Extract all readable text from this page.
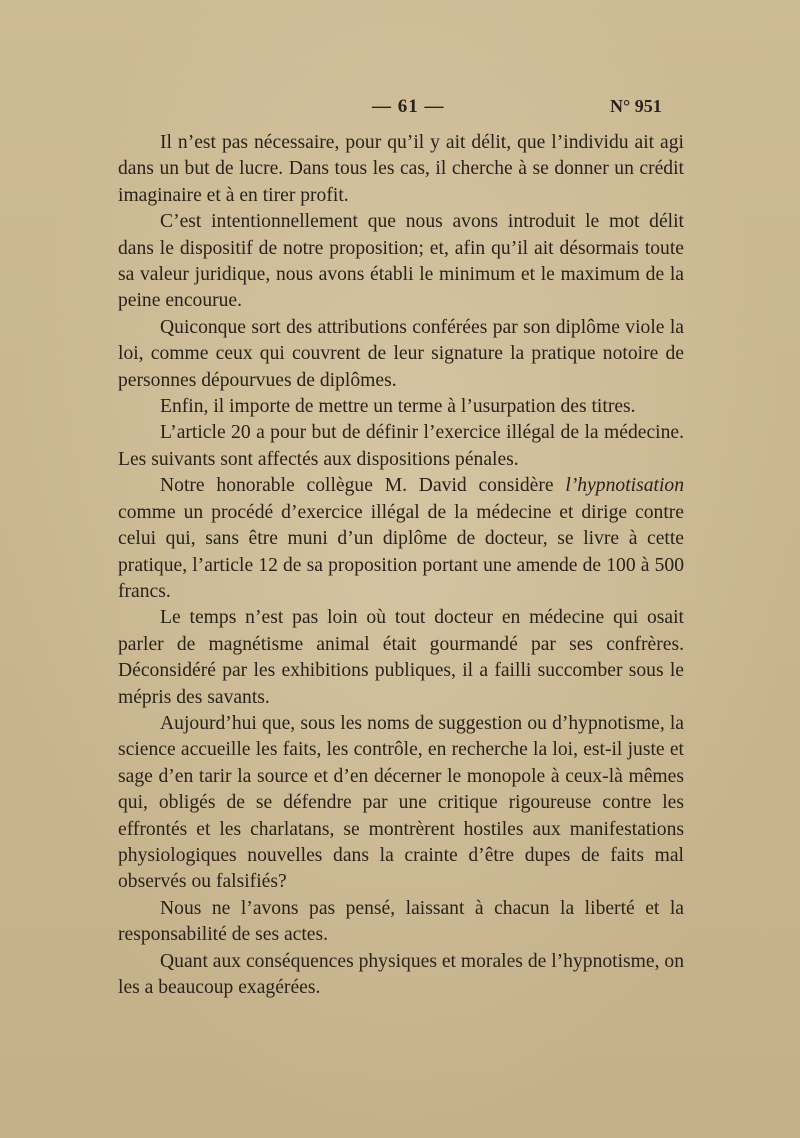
— 61 —	N° 951

Il n’est pas nécessaire, pour qu’il y ait délit, que l’individu ait agi dans un but de lucre. Dans tous les cas, il cherche à se donner un crédit imaginaire et à en tirer profit.

C’est intentionnellement que nous avons introduit le mot délit dans le dispositif de notre proposition; et, afin qu’il ait désormais toute sa valeur juridique, nous avons établi le minimum et le maximum de la peine encourue.

Quiconque sort des attributions conférées par son diplôme viole la loi, comme ceux qui couvrent de leur signature la pratique notoire de personnes dépourvues de diplômes.

Enfin, il importe de mettre un terme à l’usurpation des titres.

L’article 20 a pour but de définir l’exercice illégal de la médecine. Les suivants sont affectés aux dispositions pénales.

Notre honorable collègue M. David considère l’hypnotisation comme un procédé d’exercice illégal de la médecine et dirige contre celui qui, sans être muni d’un diplôme de docteur, se livre à cette pratique, l’article 12 de sa proposition portant une amende de 100 à 500 francs.

Le temps n’est pas loin où tout docteur en médecine qui osait parler de magnétisme animal était gourmandé par ses confrères. Déconsidéré par les exhibitions publiques, il a failli succomber sous le mépris des savants.

Aujourd’hui que, sous les noms de suggestion ou d’hypnotisme, la science accueille les faits, les contrôle, en recherche la loi, est-il juste et sage d’en tarir la source et d’en décerner le monopole à ceux-là mêmes qui, obligés de se défendre par une critique rigoureuse contre les effrontés et les charlatans, se montrèrent hostiles aux manifestations physiologiques nouvelles dans la crainte d’être dupes de faits mal observés ou falsifiés?

Nous ne l’avons pas pensé, laissant à chacun la liberté et la responsabilité de ses actes.

Quant aux conséquences physiques et morales de l’hypnotisme, on les a beaucoup exagérées.
